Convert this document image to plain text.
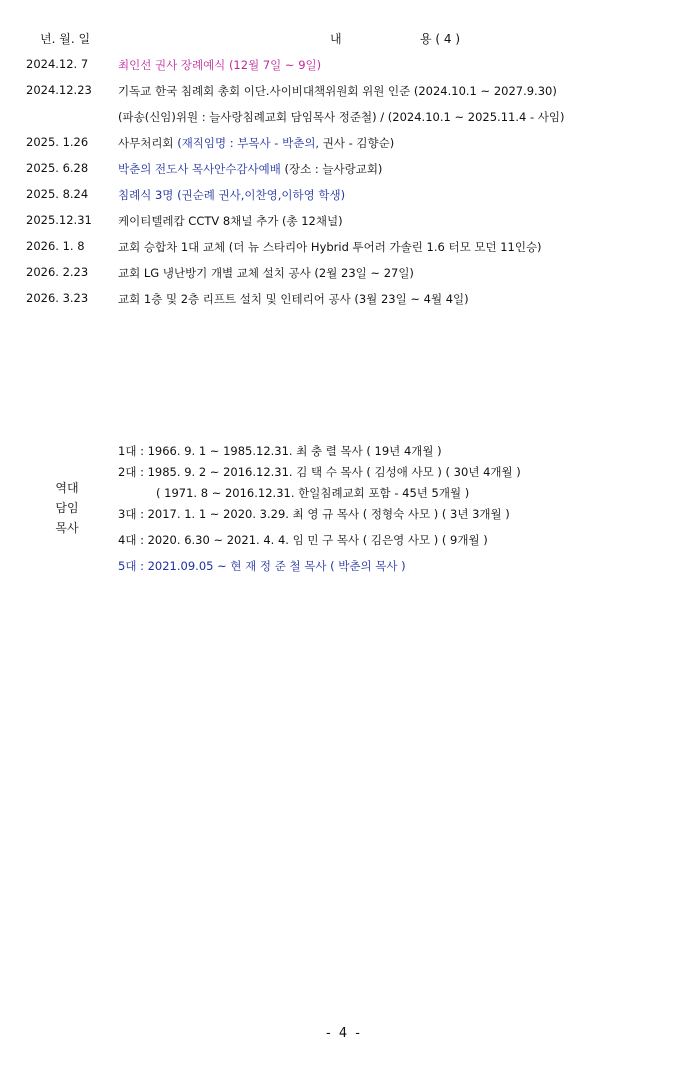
년. 월. 일	내	용 ( 4 )
2024.12. 7	최인선 권사 장례예식 (12월 7일 ~ 9일)
2024.12.23 기독교 한국 침례회 총회 이단.사이비대책위원회 위원 인준 (2024.10.1 ~ 2027.9.30)
(파송(신임)위원 : 늘사랑침례교회 담임목사 정준철) / (2024.10.1 ~ 2025.11.4 - 사임)
2025. 1.26	사무처리회 (재직임명 : 부목사 - 박춘의, 권사 - 김향순)
2025. 6.28	박춘의 전도사 목사안수감사예배 (장소 : 늘사랑교회)
2025. 8.24	침례식 3명 (권순례 권사,이찬영,이하영 학생)
2025.12.31 케이티텔레캅 CCTV 8채널 추가 (총 12채널)
2026. 1. 8	교회 승합차 1대 교체 (더 뉴 스타리아 Hybrid 투어러 가솔린 1.6 터모 모던 11인승)
2026. 2.23	교회 LG 냉난방기 개별 교체 설치 공사 (2월 23일 ~ 27일)
2026. 3.23	교회 1층 및 2층 리프트 설치 및 인테리어 공사 (3월 23일 ~ 4월 4일)
역대
담임
목사
1대 : 1966. 9. 1 ~ 1985.12.31. 최 충 렬 목사 ( 19년 4개월 )
2대 : 1985. 9. 2 ~ 2016.12.31. 김 택 수 목사 ( 김성애 사모 ) ( 30년 4개월 )
( 1971. 8 ~ 2016.12.31. 한일침례교회 포함 - 45년 5개월 )
3대 : 2017. 1. 1 ~ 2020. 3.29. 최 영 규 목사 ( 정형숙 사모 ) ( 3년 3개월 )
4대 : 2020. 6.30 ~ 2021. 4. 4. 임 민 구 목사 ( 김은영 사모 ) ( 9개월 )
5대 : 2021.09.05 ~ 현 재 정 준 철 목사 ( 박춘의 목사 )
- 4 -
